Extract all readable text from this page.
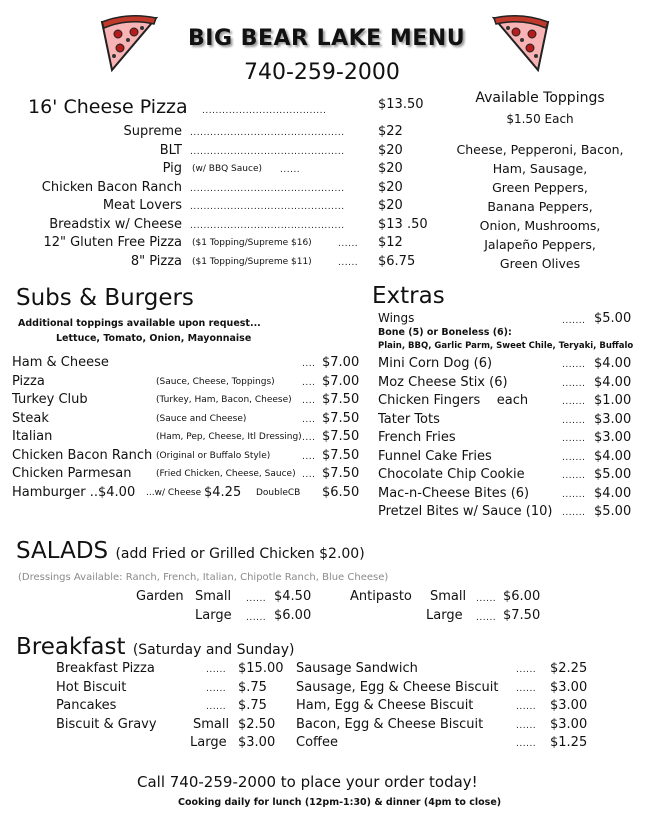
BIG BEAR LAKE MENU
740-259-2000
16' Cheese Pizza .....................................	$13.50
Supreme ..............................................	$22
BLT ..............................................	$20
Pig (w/ BBQ Sauce) ......	$20
Chicken Bacon Ranch ..............................................	$20
Meat Lovers ..............................................	$20
Breadstix w/ Cheese ..............................................	$13 .50
12" Gluten Free Pizza ($1 Topping/Supreme $16)	...... $12
8" Pizza ($1 Topping/Supreme $11)	...... $6.75
Available Toppings
$1.50 Each
Cheese, Pepperoni, Bacon,
Ham, Sausage,
Green Peppers,
Banana Peppers,
Onion, Mushrooms,
Jalapeño Peppers,
Green Olives
Subs & Burgers
Additional toppings available upon request...
Lettuce, Tomato, Onion, Mayonnaise
Ham & Cheese	.... $7.00
Pizza	(Sauce, Cheese, Toppings)	.... $7.00
Turkey Club	(Turkey, Ham, Bacon, Cheese) .... $7.50
Steak	(Sauce and Cheese)	.... $7.50
Italian	(Ham, Pep, Cheese, Itl Dressing) .... $7.50
Chicken Bacon Ranch (Original or Buffalo Style)	.... $7.50
Chicken Parmesan	(Fried Chicken, Cheese, Sauce) .... $7.50
Hamburger ..$4.00 ...w/ Cheese $4.25 DoubleCB $6.50
Extras
Wings	....... $5.00
Bone (5) or Boneless (6):
Plain, BBQ, Garlic Parm, Sweet Chile, Teryaki, Buffalo
Mini Corn Dog (6)	....... $4.00
Moz Cheese Stix (6)	....... $4.00
Chicken Fingers    each	....... $1.00
Tater Tots	....... $3.00
French Fries	....... $3.00
Funnel Cake Fries	....... $4.00
Chocolate Chip Cookie	....... $5.00
Mac-n-Cheese Bites (6)	....... $4.00
Pretzel Bites w/ Sauce (10) ....... $5.00
SALADS (add Fried or Grilled Chicken $2.00)
(Dressings Available: Ranch, French, Italian, Chipotle Ranch, Blue Cheese)
Garden Small ...... $4.50
Large ...... $6.00
Antipasto Small ...... $6.00
Large ...... $7.50
Breakfast (Saturday and Sunday)
Breakfast Pizza	...... $15.00
Hot Biscuit	...... $.75
Pancakes	...... $.75
Biscuit & Gravy	Small $2.50
Large $3.00
Sausage Sandwich	...... $2.25
Sausage, Egg & Cheese Biscuit ...... $3.00
Ham, Egg & Cheese Biscuit	...... $3.00
Bacon, Egg & Cheese Biscuit	...... $3.00
Coffee	...... $1.25
Call 740-259-2000 to place your order today!
Cooking daily for lunch (12pm-1:30) & dinner (4pm to close)
